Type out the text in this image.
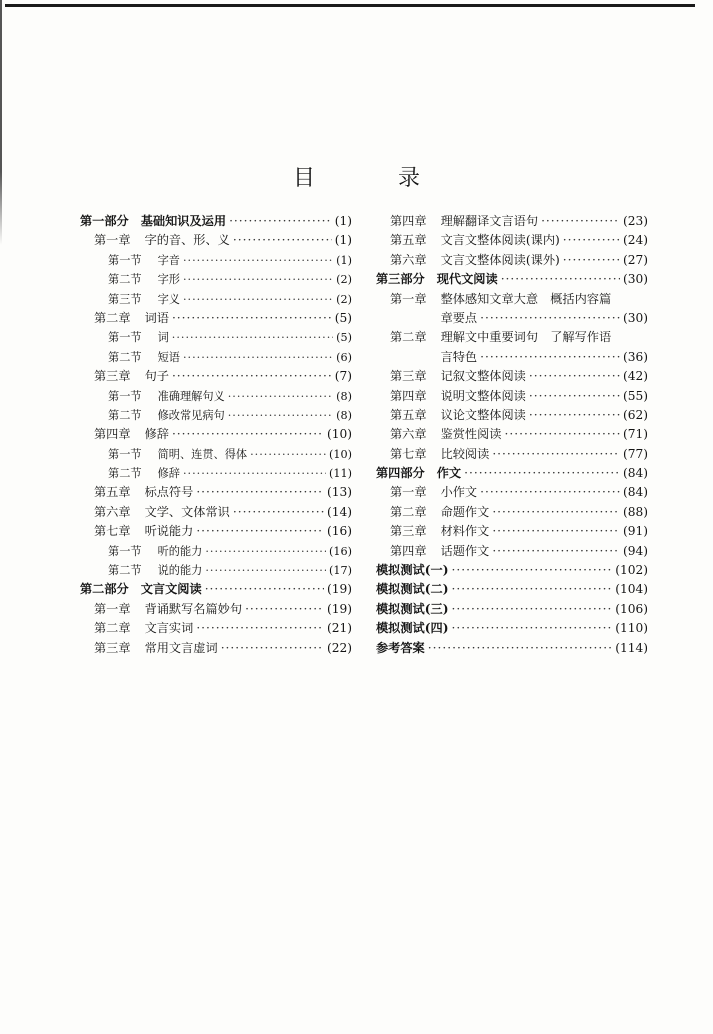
目 录
第一部分 基础知识及运用 ·····	(1)
第一章 字的音、形、义 ·····	(1)
第一节 字音 ·····	(1)
第二节 字形 ·····	(2)
第三节 字义 ·····	(2)
第二章 词语 ·····	(5)
第一节 词 ·····	(5)
第二节 短语 ·····	(6)
第三章 句子 ·····	(7)
第一节 准确理解句义 ·····	(8)
第二节 修改常见病句 ·····	(8)
第四章 修辞 ·····	(10)
第一节 简明、连贯、得体 ·····	(10)
第二节 修辞 ·····	(11)
第五章 标点符号 ·····	(13)
第六章 文学、文体常识 ·····	(14)
第七章 听说能力 ·····	(16)
第一节 听的能力 ·····	(16)
第二节 说的能力 ·····	(17)
第二部分 文言文阅读 ·····	(19)
第一章 背诵默写名篇妙句 ·····	(19)
第二章 文言实词 ·····	(21)
第三章 常用文言虚词 ·····	(22)
第四章 理解翻译文言语句 ·····	(23)
第五章 文言文整体阅读(课内) ·····	(24)
第六章 文言文整体阅读(课外) ·····	(27)
第三部分 现代文阅读 ·····	(30)
第一章 整体感知文章大意　概括内容篇
章要点 ·····	(30)
第二章 理解文中重要词句　了解写作语
言特色 ·····	(36)
第三章 记叙文整体阅读 ·····	(42)
第四章 说明文整体阅读 ·····	(55)
第五章 议论文整体阅读 ·····	(62)
第六章 鉴赏性阅读 ·····	(71)
第七章 比较阅读 ·····	(77)
第四部分 作文 ·····	(84)
第一章 小作文 ·····	(84)
第二章 命题作文 ·····	(88)
第三章 材料作文 ·····	(91)
第四章 话题作文 ·····	(94)
模拟测试(一) ·····	(102)
模拟测试(二) ·····	(104)
模拟测试(三) ·····	(106)
模拟测试(四) ·····	(110)
参考答案 ·····	(114)
